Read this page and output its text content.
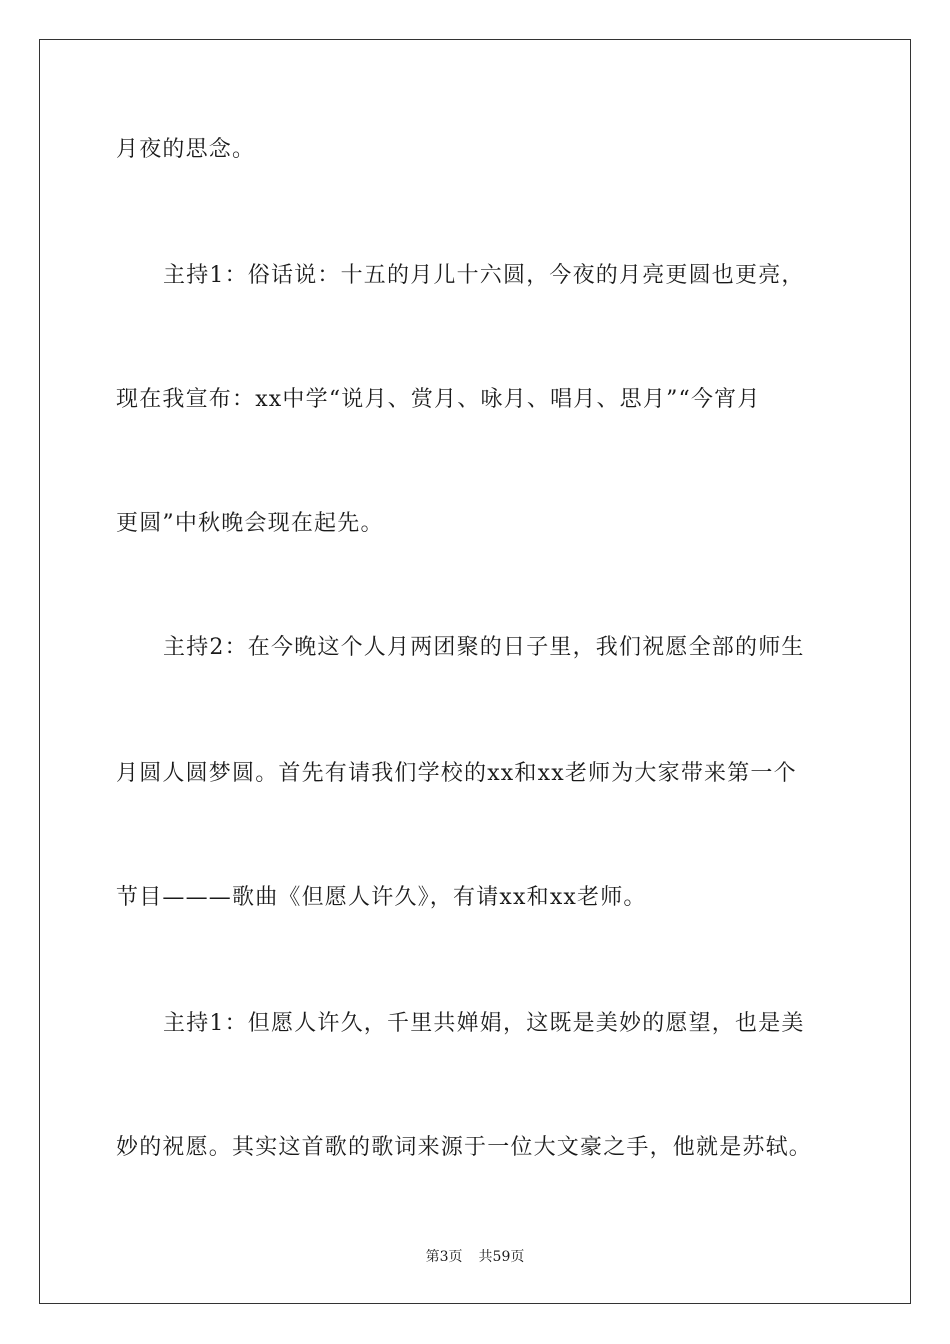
月夜的思念。
主持1：俗话说：十五的月儿十六圆，今夜的月亮更圆也更亮，
现在我宣布：xx中学“说月、赏月、咏月、唱月、思月”“今宵月
更圆”中秋晚会现在起先。
主持2：在今晚这个人月两团聚的日子里，我们祝愿全部的师生
月圆人圆梦圆。首先有请我们学校的xx和xx老师为大家带来第一个
节目———歌曲《但愿人许久》，有请xx和xx老师。
主持1：但愿人许久，千里共婵娟，这既是美妙的愿望，也是美
妙的祝愿。其实这首歌的歌词来源于一位大文豪之手，他就是苏轼。
第3页 共59页
